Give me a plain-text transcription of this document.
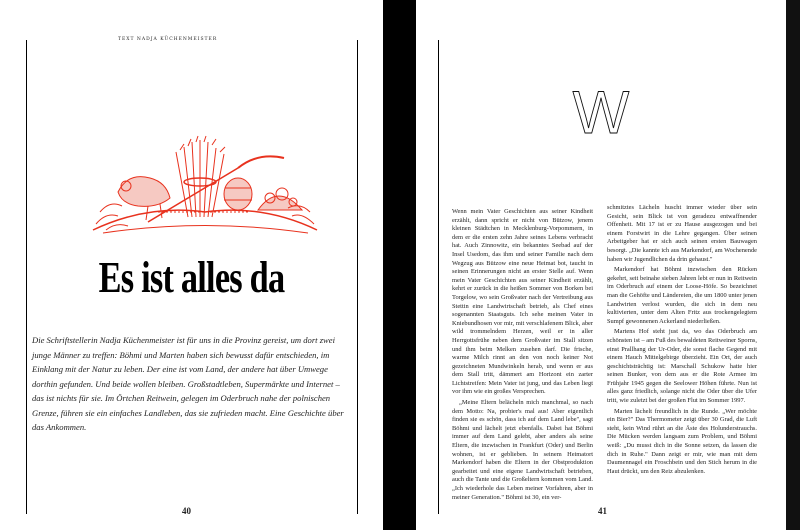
TEXT NADJA KÜCHENMEISTER
Es ist alles da
Die Schriftstellerin Nadja Küchenmeister ist für uns in die Provinz gereist, um dort zwei junge Männer zu treffen: Böhmi und Marten haben sich bewusst dafür entschieden, im Einklang mit der Natur zu leben. Der eine ist vom Land, der andere hat über Umwege dorthin gefunden. Und beide wollen bleiben. Großstadtleben, Supermärkte und Internet – das ist nichts für sie. Im Örtchen Reitwein, gelegen im Oderbruch nahe der polnischen Grenze, führen sie ein einfaches Landleben, das sie zufrieden macht. Eine Geschichte über das Ankommen.
40	41
W

Wenn mein Vater Geschichten aus seiner Kindheit erzählt, dann spricht er nicht von Bützow, jenem kleinen Städtchen in Mecklenburg-Vorpommern, in dem er die ersten zehn Jahre seines Lebens verbracht hat. Auch Zinnowitz, ein bekanntes Seebad auf der Insel Usedom, das ihm und seiner Familie nach dem Wegzug aus Bützow eine neue Heimat bot, taucht in seinen Erinnerungen nicht an erster Stelle auf. Wenn mein Vater Geschichten aus seiner Kindheit erzählt, kehrt er zurück in die heißen Sommer von Borken bei Torgelow, wo sein Großvater nach der Vertreibung aus Stettin eine Landwirtschaft betrieb, als Chef eines sogenannten Staatsguts. Ich sehe meinen Vater in Kniebundhosen vor mir, mit verschlafenem Blick, aber wild trommelndem Herzen, weil er in aller Herrgottsfrühe neben dem Großvater im Stall sitzen und ihm beim Melken zusehen darf. Die frische, warme Milch rinnt an den von noch keiner Not gezeichneten Mundwinkeln herab, und wenn er aus dem Stall tritt, dämmert am Horizont ein zarter Lichtstreifen: Mein Vater ist jung, und das Leben liegt vor ihm wie ein großes Versprechen.

„Meine Eltern belächeln mich manchmal, so nach dem Motto: Na, probier's mal aus! Aber eigentlich finden sie es schön, dass ich auf dem Land lebe", sagt Böhmi und lächelt jetzt ebenfalls. Dabei hat Böhmi immer auf dem Land gelebt, aber anders als seine Eltern, die inzwischen in Frankfurt (Oder) und Berlin wohnen, ist er geblieben. In seinem Heimatort Markendorf haben die Eltern in der Obstproduktion gearbeitet und eine eigene Landwirtschaft betrieben, auch die Tante und die Großeltern kommen vom Land. „Ich wiederhole das Leben meiner Vorfahren, aber in meiner Generation." Böhmi ist 30, ein ver-

schmitztes Lächeln huscht immer wieder über sein Gesicht, sein Blick ist von geradezu entwaffnender Offenheit. Mit 17 ist er zu Hause ausgezogen und bei einem Forstwirt in die Lehre gegangen. Über seinen Arbeitgeber hat er sich auch seinen ersten Bauwagen besorgt. „Die kannte ich aus Markendorf, am Wochenende haben wir Jugendlichen da drin gehaust."

Markendorf hat Böhmi inzwischen den Rücken gekehrt, seit beinahe sieben Jahren lebt er nun in Reitwein im Oderbruch auf einem der Loose-Höfe. So bezeichnet man die Gehöfte und Ländereien, die um 1800 unter jenen Landwirten verlost wurden, die sich in dem neu kultivierten, unter dem Alten Fritz aus trockengelegtem Sumpf gewonnenen Ackerland niederließen.

Martens Hof steht just da, wo das Oderbruch am schönsten ist – am Fuß des bewaldeten Reitweiner Sporns, einst Prallhang der Ur-Oder, die sonst flache Gegend mit einem Hauch Mittelgebirge überzieht. Ein Ort, der auch geschichtsträchtig ist: Marschall Schukow hatte hier seinen Bunker, von dem aus er die Rote Armee im Frühjahr 1945 gegen die Seelower Höhen führte. Nun ist alles ganz friedlich, solange nicht die Oder über die Ufer tritt, wie zuletzt bei der großen Flut im Sommer 1997.

Marten lächelt freundlich in die Runde. „Wer möchte ein Bier?" Das Thermometer zeigt über 30 Grad, die Luft steht, kein Wind rührt an die Äste des Holunderstrauchs. Die Mücken werden langsam zum Problem, und Böhmi weiß: „Du musst dich in die Sonne setzen, da lassen die dich in Ruhe." Dann zeigt er mir, wie man mit dem Daumennagel ein Froschbein und den Stich herum in die Haut drückt, um den Reiz abzulenken.
